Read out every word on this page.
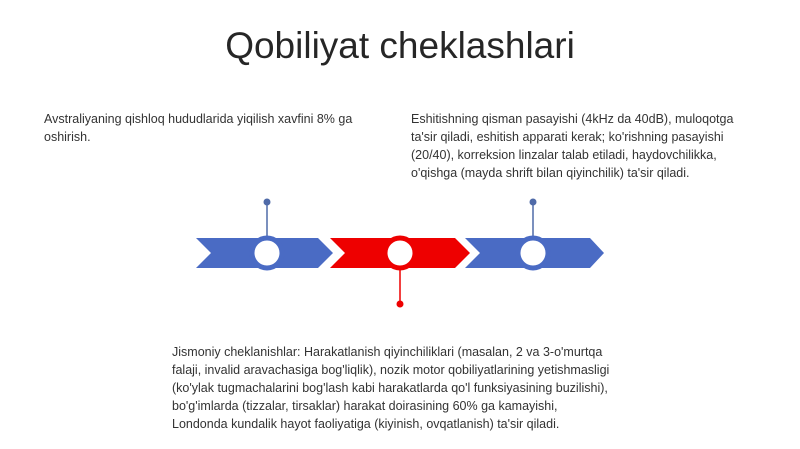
Qobiliyat cheklashlari

Avstraliyaning qishloq hududlarida yiqilish xavfini 8% ga oshirish.

Eshitishning qisman pasayishi (4kHz da 40dB), muloqotga ta'sir qiladi, eshitish apparati kerak; ko'rishning pasayishi (20/40), korreksion linzalar talab etiladi, haydovchilikka, o'qishga (mayda shrift bilan qiyinchilik) ta'sir qiladi.

Jismoniy cheklanishlar: Harakatlanish qiyinchiliklari (masalan, 2 va 3-o'murtqa falaji, invalid aravachasiga bog'liqlik), nozik motor qobiliyatlarining yetishmasligi (ko'ylak tugmachalarini bog'lash kabi harakatlarda qo'l funksiyasining buzilishi), bo'g'imlarda (tizzalar, tirsaklar) harakat doirasining 60% ga kamayishi, Londonda kundalik hayot faoliyatiga (kiyinish, ovqatlanish) ta'sir qiladi.
